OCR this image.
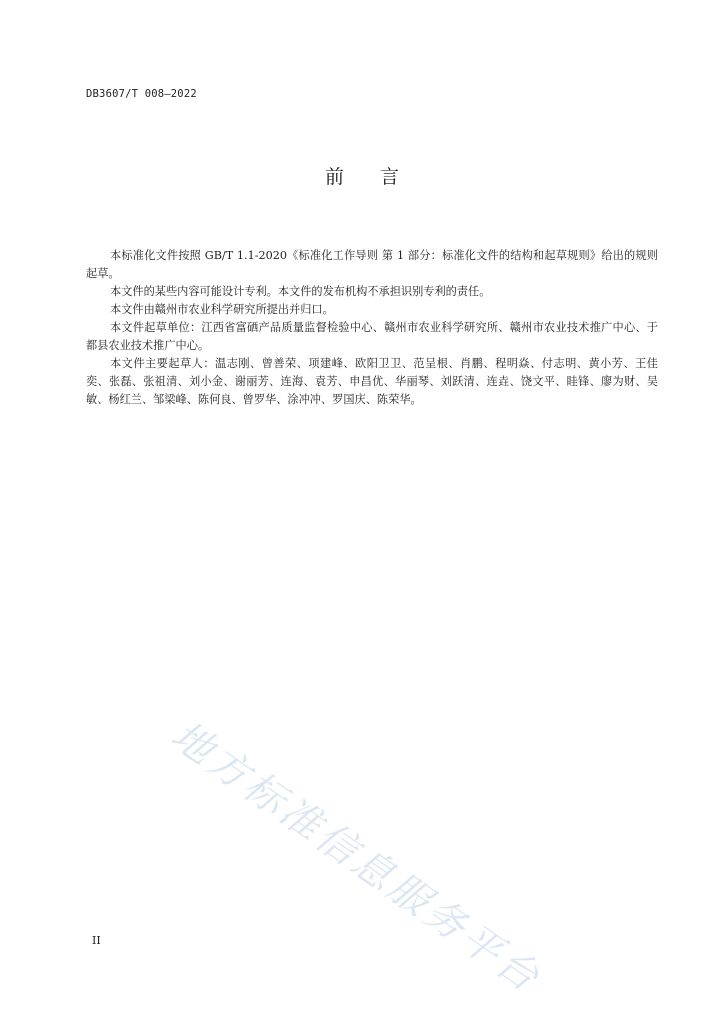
DB3607/T 008—2022
前 言

本标准化文件按照 GB/T 1.1-2020《标准化工作导则 第 1 部分：标准化文件的结构和起草规则》给出的规则起草。

本文件的某些内容可能设计专利。本文件的发布机构不承担识别专利的责任。

本文件由赣州市农业科学研究所提出并归口。

本文件起草单位：江西省富硒产品质量监督检验中心、赣州市农业科学研究所、赣州市农业技术推广中心、于都县农业技术推广中心。

本文件主要起草人：温志刚、曾善荣、项建峰、欧阳卫卫、范呈根、肖鹏、程明焱、付志明、黄小芳、王佳奕、张磊、张祖清、刘小金、谢丽芳、连海、袁芳、申昌优、华丽琴、刘跃清、连垚、饶文平、眭锋、廖为财、吴敏、杨红兰、邹梁峰、陈何良、曾罗华、涂冲冲、罗国庆、陈荣华。

地方标准信息服务平台
II
